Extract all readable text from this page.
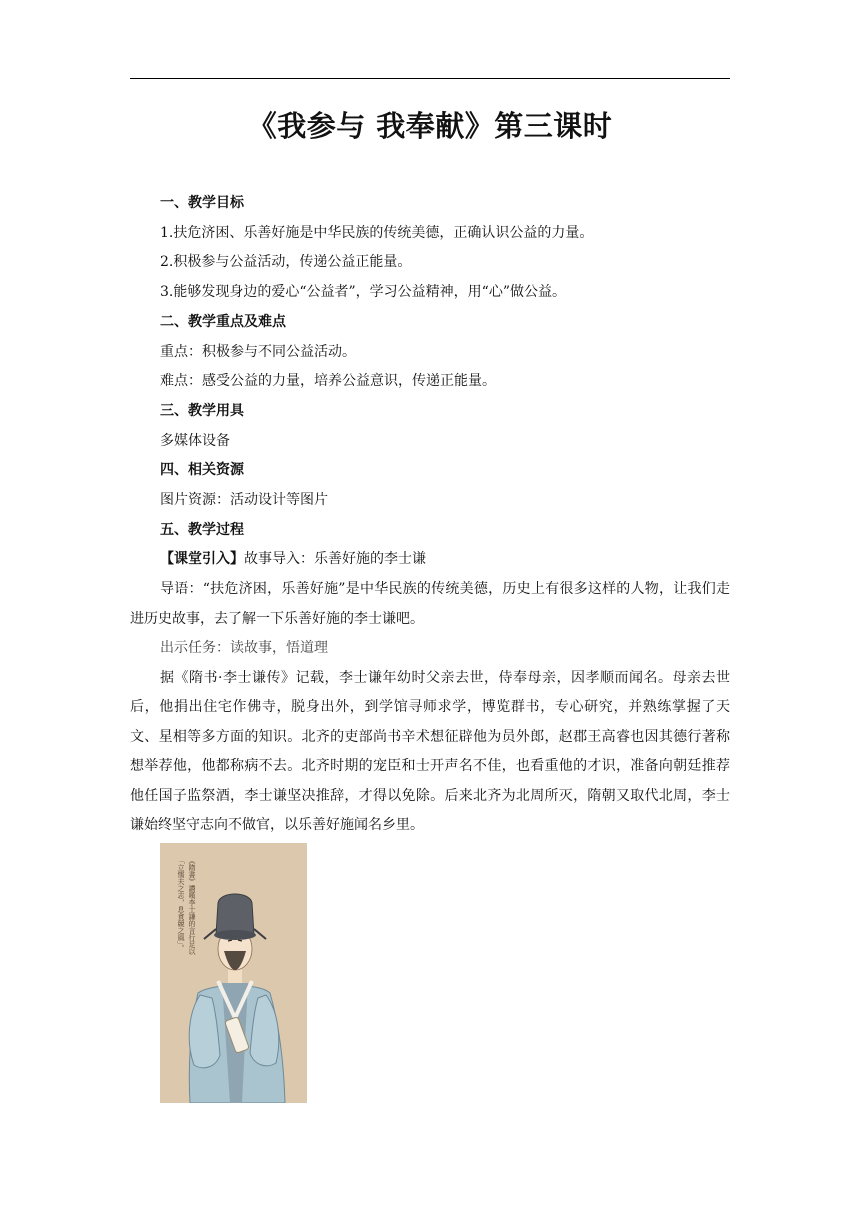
《我参与 我奉献》第三课时
一、教学目标
1.扶危济困、乐善好施是中华民族的传统美德，正确认识公益的力量。
2.积极参与公益活动，传递公益正能量。
3.能够发现身边的爱心“公益者”，学习公益精神，用“心”做公益。
二、教学重点及难点
重点：积极参与不同公益活动。
难点：感受公益的力量，培养公益意识，传递正能量。
三、教学用具
多媒体设备
四、相关资源
图片资源：活动设计等图片
五、教学过程
【课堂引入】故事导入：乐善好施的李士谦

导语：“扶危济困，乐善好施”是中华民族的传统美德，历史上有很多这样的人物，让我们走进历史故事，去了解一下乐善好施的李士谦吧。

出示任务：读故事，悟道理

据《隋书·李士谦传》记载，李士谦年幼时父亲去世，侍奉母亲，因孝顺而闻名。母亲去世后，他捐出住宅作佛寺，脱身出外，到学馆寻师求学，博览群书，专心研究，并熟练掌握了天文、星相等多方面的知识。北齐的吏部尚书辛术想征辟他为员外郎，赵郡王高睿也因其德行著称想举荐他，他都称病不去。北齐时期的宠臣和士开声名不佳，也看重他的才识，准备向朝廷推荐他任国子监祭酒，李士谦坚决推辞，才得以免除。后来北齐为北周所灭，隋朝又取代北周，李士谦始终坚守志向不做官，以乐善好施闻名乡里。

《隋書》讚嘆李士謙的言行足以
「立懦夫之志，息貪競之風」。
